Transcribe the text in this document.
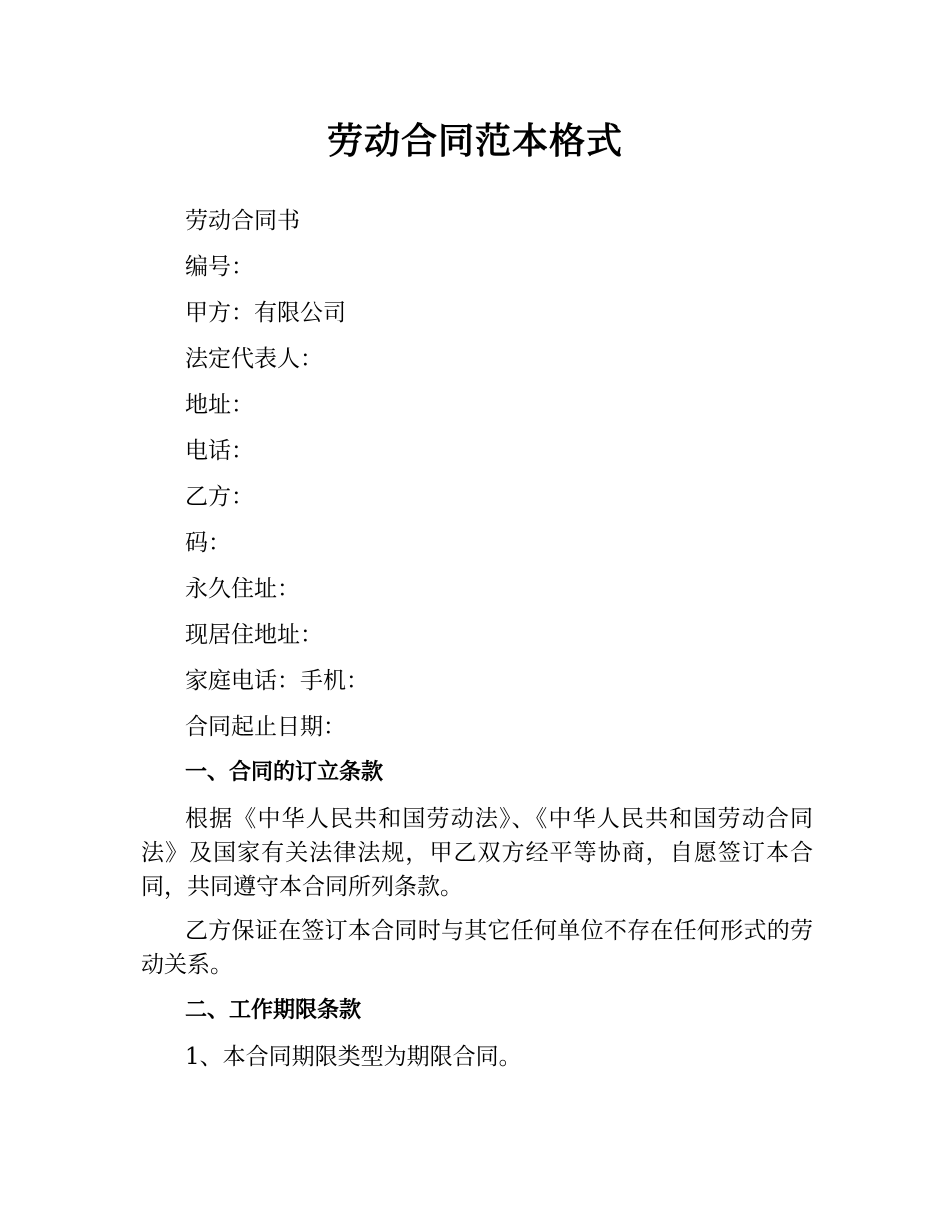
劳动合同范本格式
劳动合同书
编号：
甲方：有限公司
法定代表人：
地址：
电话：
乙方：
码：
永久住址：
现居住地址：
家庭电话：手机：
合同起止日期：
一、合同的订立条款
根据《中华人民共和国劳动法》、《中华人民共和国劳动合同法》及国家有关法律法规，甲乙双方经平等协商，自愿签订本合同，共同遵守本合同所列条款。
乙方保证在签订本合同时与其它任何单位不存在任何形式的劳动关系。
二、工作期限条款
1、本合同期限类型为期限合同。
